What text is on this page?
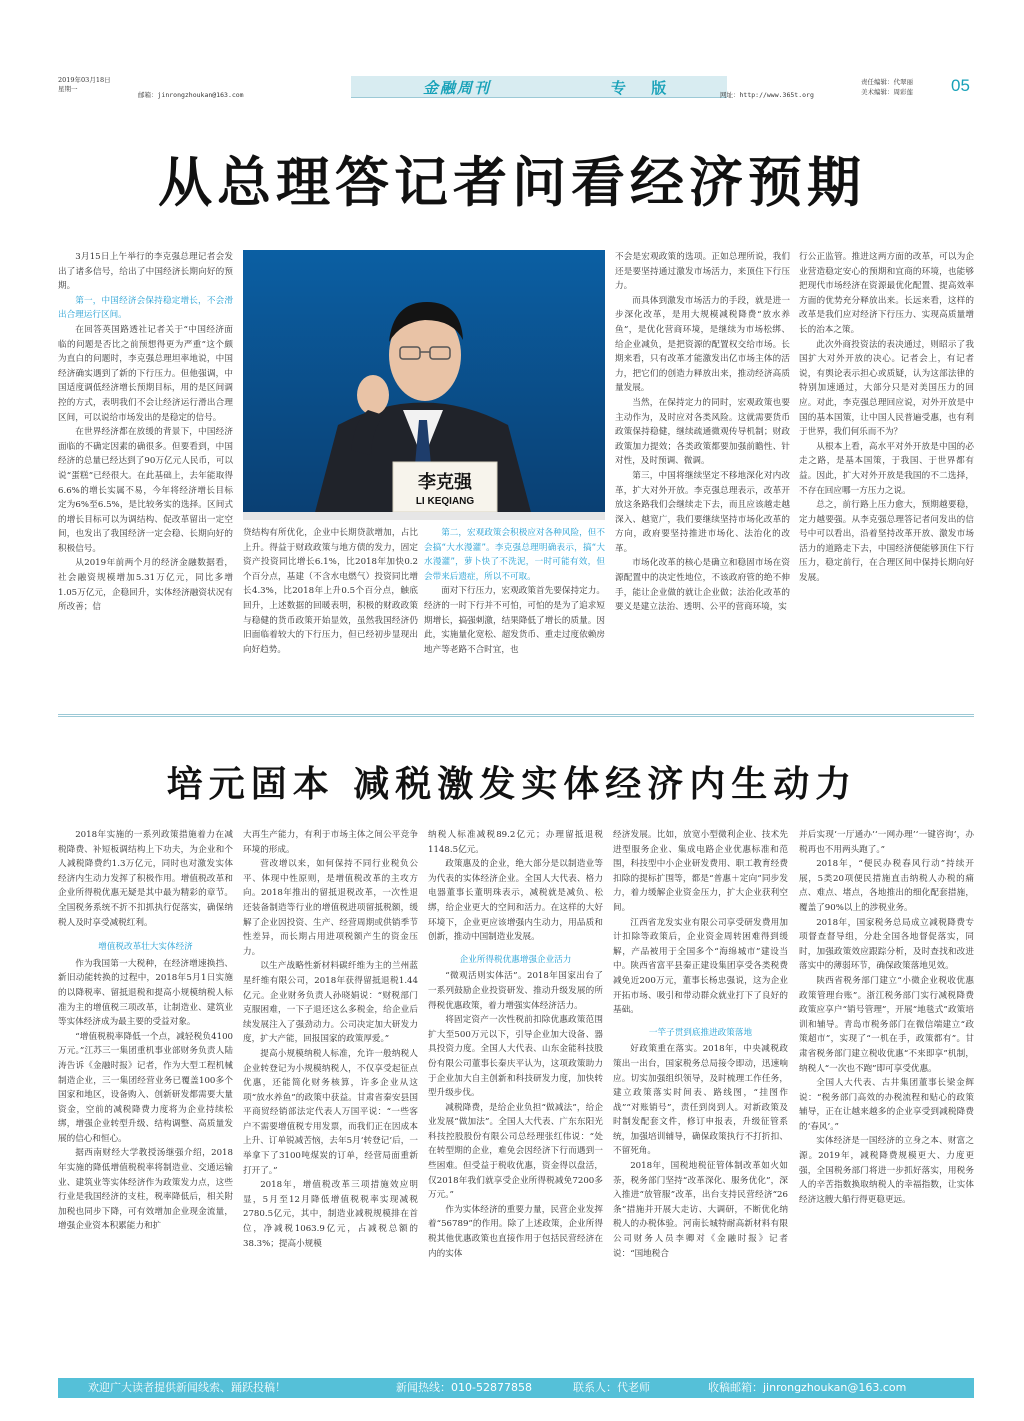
2019年03月18日
星期一
邮箱：jinrongzhoukan@163.com	金融周刊	专 版	网址：http://www.365t.org
责任编辑：代翠丽
美术编辑：周彩莲 05
从总理答记者问看经济预期

3月15日上午举行的李克强总理记者会发出了诸多信号，给出了中国经济长期向好的预期。

第一，中国经济会保持稳定增长，不会滑出合理运行区间。

在回答英国路透社记者关于“中国经济面临的问题是否比之前预想得更为严重”这个颇为直白的问题时，李克强总理坦率地说，中国经济确实遇到了新的下行压力。但他强调，中国适度调低经济增长预期目标，用的是区间调控的方式，表明我们不会让经济运行滑出合理区间，可以说给市场发出的是稳定的信号。

在世界经济都在放缓的背景下，中国经济面临的不确定因素的确很多。但要看到，中国经济的总量已经达到了90万亿元人民币，可以说“蛋糕”已经很大。在此基础上，去年能取得6.6%的增长实属不易，今年将经济增长目标定为6%至6.5%，是比较务实的选择。区间式的增长目标可以为调结构、促改革留出一定空间，也发出了我国经济一定会稳、长期向好的积极信号。

从2019年前两个月的经济金融数据看，社会融资规模增加5.31万亿元，同比多增1.05万亿元，企稳回升，实体经济融资状况有所改善；信

李克强
LI KEQIANG

贷结构有所优化，企业中长期贷款增加，占比上升。得益于财政政策与地方债的发力，固定资产投资同比增长6.1%，比2018年加快0.2个百分点，基建（不含水电燃气）投资同比增长4.3%，比2018年上升0.5个百分点，触底回升，上述数据的回暖表明，积极的财政政策与稳健的货币政策开始显效，虽然我国经济仍旧面临着较大的下行压力，但已经初步显现出向好趋势。

第二，宏观政策会积极应对各种风险，但不会搞“大水漫灌”。李克强总理明确表示，搞“大水漫灌”，萝卜快了不洗泥，一时可能有效，但会带来后遗症，所以不可取。

面对下行压力，宏观政策首先要保持定力。经济的一时下行并不可怕，可怕的是为了追求短期增长，搞强刺激，结果降低了增长的质量。因此，实施量化宽松、超发货币、重走过度依赖房地产等老路不合时宜，也

不会是宏观政策的选项。正如总理所说，我们还是要坚持通过激发市场活力，来顶住下行压力。

而具体到激发市场活力的手段，就是进一步深化改革，是用大规模减税降费“放水养鱼”，是优化营商环境，是继续为市场松绑、给企业减负，是把资源的配置权交给市场。长期来看，只有改革才能激发出亿市场主体的活力，把它们的创造力释放出来，推动经济高质量发展。

当然，在保持定力的同时，宏观政策也要主动作为，及时应对各类风险。这就需要货币政策保持稳健，继续疏通微观传导机制；财政政策加力提效；各类政策都要加强前瞻性、针对性，及时预调、微调。

第三，中国将继续坚定不移地深化对内改革，扩大对外开放。李克强总理表示，改革开放这条路我们会继续走下去，而且应该越走越深入、越宽广，我们要继续坚持市场化改革的方向，政府要坚持推进市场化、法治化的改革。

市场化改革的核心是确立和稳固市场在资源配置中的决定性地位，不该政府管的绝不伸手，能让企业做的就让企业做；法治化改革的要义是建立法治、透明、公平的营商环境，实

行公正监管。推进这两方面的改革，可以为企业营造稳定安心的预期和宜商的环境，也能够把现代市场经济在资源最优化配置、提高效率方面的优势充分释放出来。长远来看，这样的改革是我们应对经济下行压力、实现高质量增长的治本之策。

此次外商投资法的表决通过，则昭示了我国扩大对外开放的决心。记者会上，有记者说，有舆论表示担心或质疑，认为这部法律的特别加速通过，大部分只是对美国压力的回应。对此，李克强总理回应说，对外开放是中国的基本国策，让中国人民普遍受惠，也有利于世界，我们何乐而不为？

从根本上看，高水平对外开放是中国的必走之路，是基本国策，于我国、于世界都有益。因此，扩大对外开放是我国的不二选择，不存在回应哪一方压力之说。

总之，前行路上压力愈大，预期越要稳，定力越要强。从李克强总理答记者问发出的信号中可以看出，沿着坚持改革开放、激发市场活力的道路走下去，中国经济便能够顶住下行压力，稳定前行，在合理区间中保持长期向好发展。

培元固本 减税激发实体经济内生动力

2018年实施的一系列政策措施着力在减税降费、补短板调结构上下功夫，为企业和个人减税降费约1.3万亿元，同时也对激发实体经济内生动力发挥了积极作用。增值税改革和企业所得税优惠无疑是其中最为精彩的章节。全国税务系统不折不扣抓执行促落实，确保纳税人及时享受减税红利。

增值税改革壮大实体经济

作为我国第一大税种，在经济增速换挡、新旧动能转换的过程中，2018年5月1日实施的以降税率、留抵退税和提高小规模纳税人标准为主的增值税三项改革，让制造业、建筑业等实体经济成为最主要的受益对象。

“增值税税率降低一个点，减轻税负4100万元。”江苏三一集团重机事业部财务负责人陆涛告诉《金融时报》记者，作为大型工程机械制造企业，三一集团经营业务已覆盖100多个国家和地区，设备购入、创新研发都需要大量资金，空前的减税降费力度将为企业持续松绑，增强企业转型升级、结构调整、高质量发展的信心和恒心。

据西南财经大学教授汤继强介绍，2018年实施的降低增值税税率将制造业、交通运输业、建筑业等实体经济作为政策发力点，这些行业是我国经济的支柱，税率降低后，相关附加税也同步下降，可有效增加企业现金流量，增强企业资本积累能力和扩

大再生产能力，有利于市场主体之间公平竞争环境的形成。

营改增以来，如何保持不同行业税负公平、体现中性原则，是增值税改革的主攻方向。2018年推出的留抵退税改革，一次性退还装备制造等行业的增值税进项留抵税额，缓解了企业因投资、生产、经营周期或供销季节性差异，而长期占用进项税额产生的资金压力。

以生产战略性新材料碳纤维为主的兰州蓝星纤维有限公司，2018年获得留抵退税1.44亿元。企业财务负责人孙晓娟说：“财税部门克服困难，一下子退还这么多税金，给企业后续发展注入了强劲动力。公司决定加大研发力度，扩大产能，回报国家的政策厚爱。”

提高小规模纳税人标准，允许一般纳税人企业转登记为小规模纳税人，不仅享受起征点优惠，还能简化财务核算，许多企业从这项“放水养鱼”的政策中获益。甘肃省秦安县国平商贸经销部法定代表人万国平说：“一些客户不需要增值税专用发票，而我们正在因成本上升、订单锐减苦恼，去年5月‘转登记’后，一举拿下了3100吨煤炭的订单，经营局面重新打开了。”

2018年，增值税改革三项措施效应明显，5月至12月降低增值税税率实现减税2780.5亿元，其中，制造业减税规模排在首位，净减税1063.9亿元，占减税总额的38.3%；提高小规模

纳税人标准减税89.2亿元；办理留抵退税1148.5亿元。

政策惠及的企业，绝大部分是以制造业等为代表的实体经济企业。全国人大代表、格力电器董事长董明珠表示，减税就是减负、松绑，给企业更大的空间和活力。在这样的大好环境下，企业更应该增强内生动力，用品质和创新，推动中国制造业发展。

企业所得税优惠增强企业活力

“微观活则实体活”。2018年国家出台了一系列鼓励企业投资研发、推动升级发展的所得税优惠政策，着力增强实体经济活力。

将固定资产一次性税前扣除优惠政策范围扩大至500万元以下，引导企业加大设备、器具投资力度。全国人大代表、山东金能科技股份有限公司董事长秦庆平认为，这项政策助力于企业加大自主创新和科技研发力度，加快转型升级步伐。

减税降费，是给企业负担“做减法”，给企业发展“做加法”。全国人大代表、广东东阳光科技控股股份有限公司总经理张红伟说：“处在转型期的企业，难免会因经济下行而遇到一些困难。但受益于税收优惠，资金得以盘活，仅2018年我们就享受企业所得税减免7200多万元。”

作为实体经济的重要力量，民营企业发挥着“56789”的作用。除了上述政策，企业所得税其他优惠政策也直接作用于包括民营经济在内的实体

经济发展。比如，放宽小型微利企业、技术先进型服务企业、集成电路企业优惠标准和范围，科技型中小企业研发费用、职工教育经费扣除的提标扩围等，都是“普惠＋定向”同步发力，着力缓解企业资金压力，扩大企业获利空间。

江西省龙发实业有限公司享受研发费用加计扣除等政策后，企业资金周转困难得到缓解，产品被用于全国多个“海绵城市”建设当中。陕西省富平县秦正建设集团享受各类税费减免近200万元，董事长杨忠强说，这为企业开拓市场、吸引和带动群众就业打下了良好的基础。

一竿子贯到底推进政策落地

好政策重在落实。2018年，中央减税政策出一出台，国家税务总局接令即动，迅速响应。切实加强组织领导，及时梳理工作任务，建立政策落实时间表、路线图，“挂图作战”“对账销号”，责任到岗到人。对新政策及时制发配套文件，修订申报表，升级征管系统，加强培训辅导，确保政策执行不打折扣、不留死角。

2018年，国税地税征管体制改革如火如荼，税务部门坚持“改革深化、服务优化”，深入推进“放管服”改革，出台支持民营经济“26条”措施并开展大走访、大调研，不断优化纳税人的办税体验。河南长城特耐高新材料有限公司财务人员李卿对《金融时报》记者说：“国地税合

并后实现‘一厅通办’‘一网办理’‘一键咨询’，办税再也不用两头跑了。”

2018年，“便民办税春风行动”持续开展，5类20项便民措施直击纳税人办税的痛点、难点、堵点，各地推出的细化配套措施，覆盖了90%以上的涉税业务。

2018年，国家税务总局成立减税降费专项督查督导组，分赴全国各地督促落实，同时，加强政策效应跟踪分析，及时查找和改进落实中的薄弱环节，确保政策落地见效。

陕西省税务部门建立“小微企业税收优惠政策管理台账”。浙江税务部门实行减税降费政策应享户“销号管理”，开展“地毯式”政策培训和辅导。青岛市税务部门在微信端建立“政策超市”，实现了“一机在手，政策都有”。甘肃省税务部门建立税收优惠“不来即享”机制，纳税人“一次也不跑”即可享受优惠。

全国人大代表、古井集团董事长梁金辉说：“税务部门高效的办税流程和贴心的政策辅导，正在让越来越多的企业享受到减税降费的‘春风’。”

实体经济是一国经济的立身之本、财富之源。2019年，减税降费规模更大、力度更强，全国税务部门将进一步抓好落实，用税务人的辛苦指数换取纳税人的幸福指数，让实体经济这艘大船行得更稳更远。

欢迎广大读者提供新闻线索、踊跃投稿！	新闻热线：010-52877858	联系人：代老师	收稿邮箱：jinrongzhoukan@163.com
